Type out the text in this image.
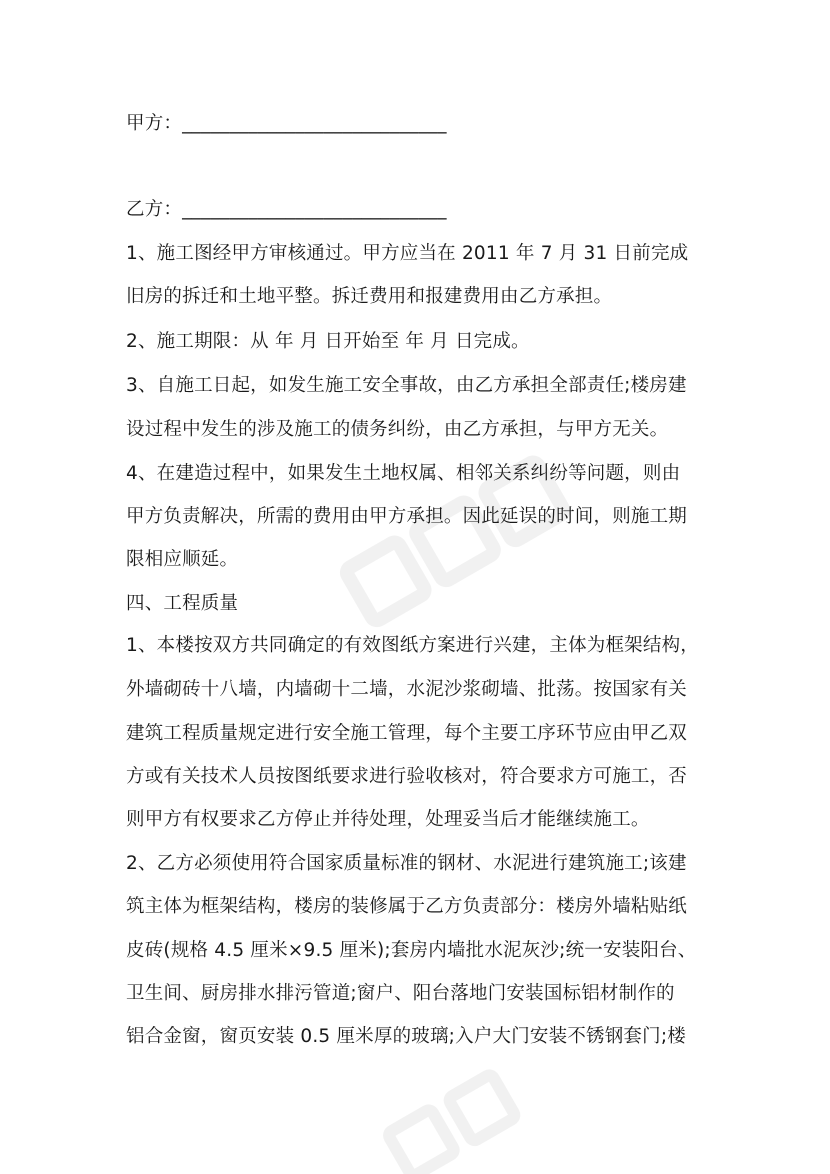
甲方：____________________________
乙方：____________________________
1、施工图经甲方审核通过。甲方应当在 2011 年 7 月 31 日前完成
旧房的拆迁和土地平整。拆迁费用和报建费用由乙方承担。
2、施工期限：从 年 月 日开始至 年 月 日完成。
3、自施工日起，如发生施工安全事故，由乙方承担全部责任;楼房建
设过程中发生的涉及施工的债务纠纷，由乙方承担，与甲方无关。
4、在建造过程中，如果发生土地权属、相邻关系纠纷等问题，则由
甲方负责解决，所需的费用由甲方承担。因此延误的时间，则施工期
限相应顺延。
四、工程质量
1、本楼按双方共同确定的有效图纸方案进行兴建，主体为框架结构，
外墙砌砖十八墙，内墙砌十二墙，水泥沙浆砌墙、批荡。按国家有关
建筑工程质量规定进行安全施工管理，每个主要工序环节应由甲乙双
方或有关技术人员按图纸要求进行验收核对，符合要求方可施工，否
则甲方有权要求乙方停止并待处理，处理妥当后才能继续施工。
2、乙方必须使用符合国家质量标准的钢材、水泥进行建筑施工;该建
筑主体为框架结构，楼房的装修属于乙方负责部分：楼房外墙粘贴纸
皮砖(规格 4.5 厘米×9.5 厘米);套房内墙批水泥灰沙;统一安装阳台、
卫生间、厨房排水排污管道;窗户、阳台落地门安装国标铝材制作的
铝合金窗，窗页安装 0.5 厘米厚的玻璃;入户大门安装不锈钢套门;楼
